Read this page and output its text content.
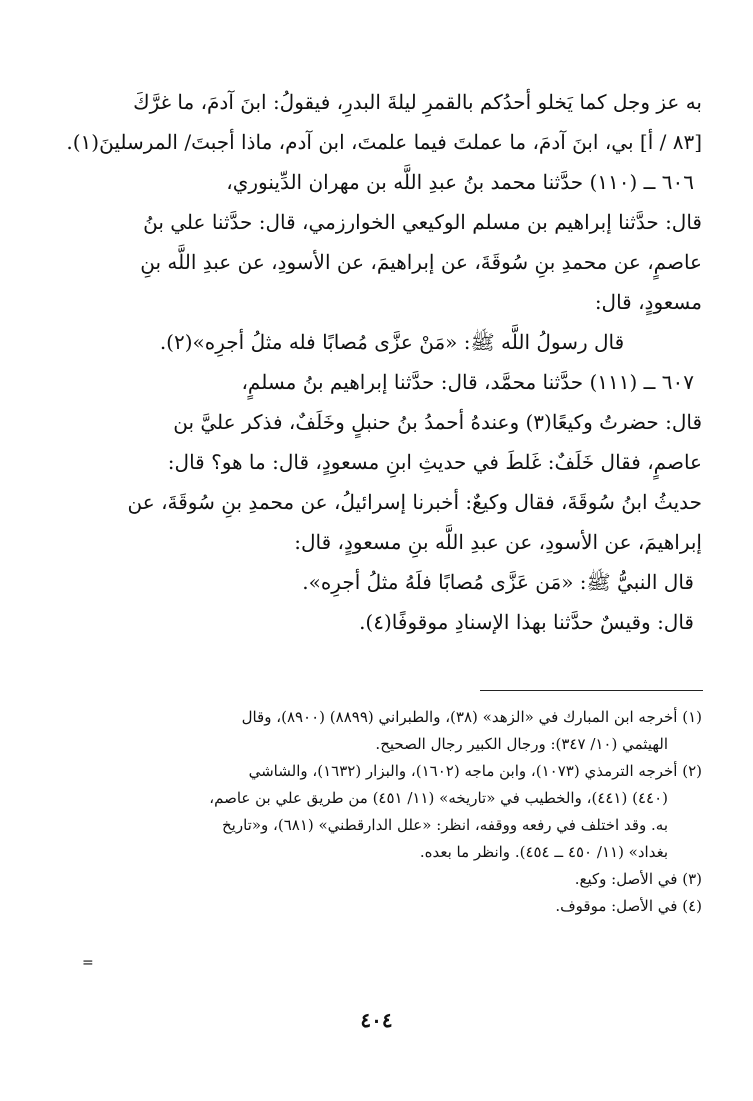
به عز وجل كما يَخلو أحدُكم بالقمرِ ليلةَ البدرِ، فيقولُ: ابنَ آدمَ، ما غرَّكَ
[٨٣ / أ] بي، ابنَ آدمَ، ما عملتَ فيما علمتَ، ابن آدم، ماذا أجبتَ/ المرسلينَ(١).
٦٠٦ ــ (١١٠) حدَّثنا محمد بنُ عبدِ اللَّه بن مهران الدِّينوري،
قال: حدَّثنا إبراهيم بن مسلم الوكيعي الخوارزمي، قال: حدَّثنا علي بنُ
عاصمٍ، عن محمدِ بنِ سُوقَةَ، عن إبراهيمَ، عن الأسودِ، عن عبدِ اللَّه بنِ
مسعودٍ، قال:
قال رسولُ اللَّه ﷺ: «مَنْ عزَّى مُصابًا فله مثلُ أجرِه»(٢).
٦٠٧ ــ (١١١) حدَّثنا محمَّد، قال: حدَّثنا إبراهيم بنُ مسلمٍ،
قال: حضرتُ وكيعًا(٣) وعندهُ أحمدُ بنُ حنبلٍ وخَلَفٌ، فذكر عليَّ بن
عاصمٍ، فقال خَلَفٌ: غَلطَ في حديثِ ابنِ مسعودٍ، قال: ما هو؟ قال:
حديثُ ابنُ سُوقَةَ، فقال وكيعٌ: أخبرنا إسرائيلُ، عن محمدِ بنِ سُوقَةَ، عن
إبراهيمَ، عن الأسودِ، عن عبدِ اللَّه بنِ مسعودٍ، قال:
قال النبيُّ ﷺ: «مَن عَزَّى مُصابًا فلَهُ مثلُ أجرِه».
قال: وقيسٌ حدَّثنا بهذا الإسنادِ موقوفًا(٤).
(١) أخرجه ابن المبارك في «الزهد» (٣٨)، والطبراني (٨٨٩٩) (٨٩٠٠)، وقال
الهيثمي (١٠/ ٣٤٧): ورجال الكبير رجال الصحيح.
(٢) أخرجه الترمذي (١٠٧٣)، وابن ماجه (١٦٠٢)، والبزار (١٦٣٢)، والشاشي
(٤٤٠) (٤٤١)، والخطيب في «تاريخه» (١١/ ٤٥١) من طريق علي بن عاصم،
به. وقد اختلف في رفعه ووقفه، انظر: «علل الدارقطني» (٦٨١)، و«تاريخ
بغداد» (١١/ ٤٥٠ ــ ٤٥٤). وانظر ما بعده.
(٣) في الأصل: وكيع.
(٤) في الأصل: موقوف.
=
٤٠٤
